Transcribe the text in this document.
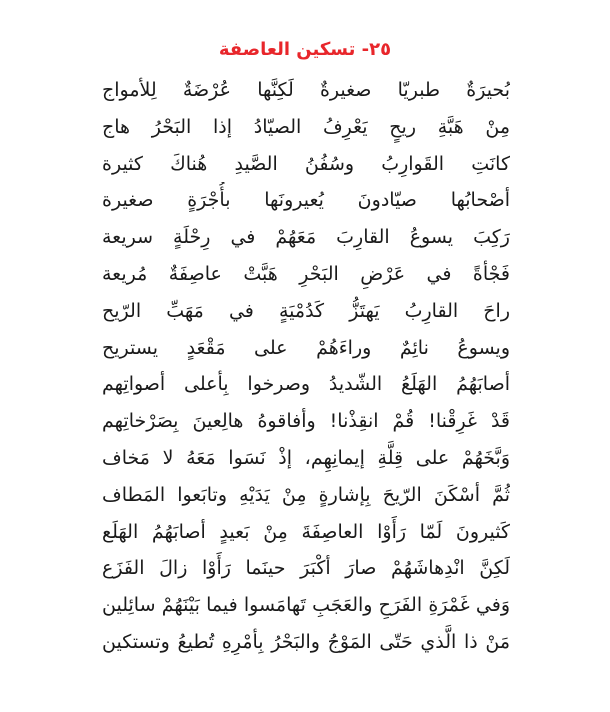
٢٥- تسكين العاصفة
بُحيرَةٌ طبريّا صغيرةٌ لَكِنَّها عُرْضَةٌ لِلأمواج
مِنْ هَبَّةِ ريحٍ يَعْرِفُ الصيّادُ إذا البَحْرُ هاج
كانَتِ القَوارِبُ وسُفُنُ الصَّيدِ هُناكَ كثيرة
أصْحابُها صيّادونَ يُعيرونَها بأُجْرَةٍ صغيرة
رَكِبَ يسوعُ القارِبَ مَعَهُمْ في رِحْلَةٍ سريعة
فَجْأةً في عَرْضِ البَحْرِ هَبَّتْ عاصِفَةٌ مُريعة
راحَ القارِبُ يَهتَزُّ كَدُمْيَةٍ في مَهَبِّ الرّيح
ويسوعُ نائِمٌ وراءَهُمْ على مَقْعَدٍ يستريح
أصابَهُمُ الهَلَعُ الشّديدُ وصرخوا بِأعلى أصواتِهم
قَدْ غَرِقْنا! قُمْ انقِذْنا! وأفاقوهُ هالِعينَ بِصَرْخاتِهم
وَبَّخَهُمْ على قِلَّةِ إيمانِهِم، إذْ نَسَوا مَعَهُ لا مَخاف
ثُمَّ أسْكَنَ الرّيحَ بِإشارةٍ مِنْ يَدَيْهِ وتابَعوا المَطاف
كَثيرونَ لَمّا رَأَوْا العاصِفَةَ مِنْ بَعيدٍ أصابَهُمُ الهَلَع
لَكِنَّ انْدِهاشَهُمْ صارَ أكْبَرَ حينَما رَأَوْا زالَ الفَزَع
وَفي غَمْرَةِ الفَرَحِ والعَجَبِ تَهامَسوا فيما بَيْنَهُمْ سائِلين
مَنْ ذا الَّذي حَتّى المَوْجُ والبَحْرُ بِأمْرِهِ تُطيعُ وتستكين
